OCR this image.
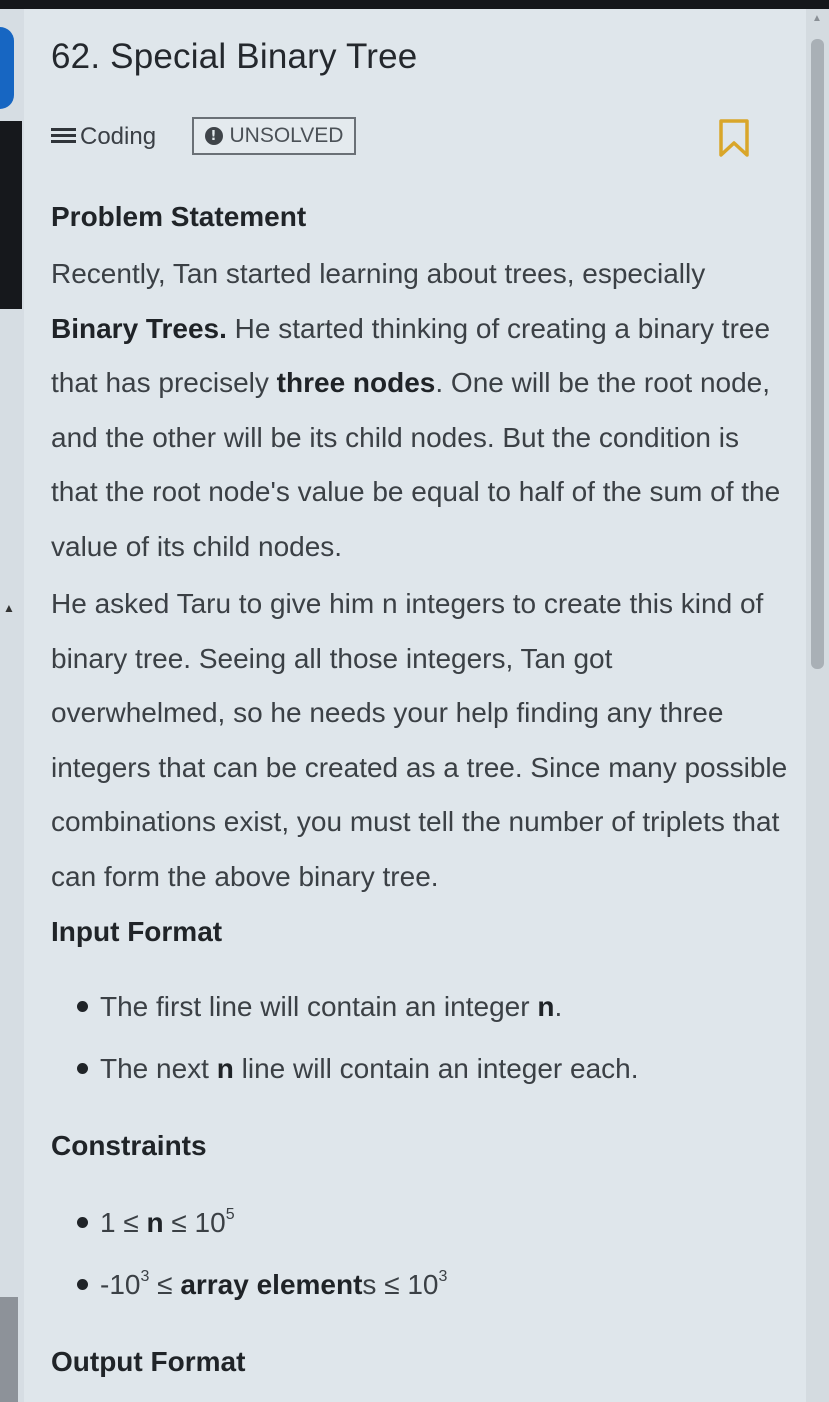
▲
62. Special Binary Tree
Coding	! UNSOLVED
Problem Statement

Recently, Tan started learning about trees, especially Binary Trees. He started thinking of creating a binary tree that has precisely three nodes. One will be the root node, and the other will be its child nodes. But the condition is that the root node's value be equal to half of the sum of the value of its child nodes.

He asked Taru to give him n integers to create this kind of binary tree. Seeing all those integers, Tan got overwhelmed, so he needs your help finding any three integers that can be created as a tree. Since many possible combinations exist, you must tell the number of triplets that can form the above binary tree.

Input Format
The first line will contain an integer n.
The next n line will contain an integer each.
Constraints
$1 \le n \le 10^5$
$-10^3$ ≤ array elements ≤ $10^3$
Output Format
▲
